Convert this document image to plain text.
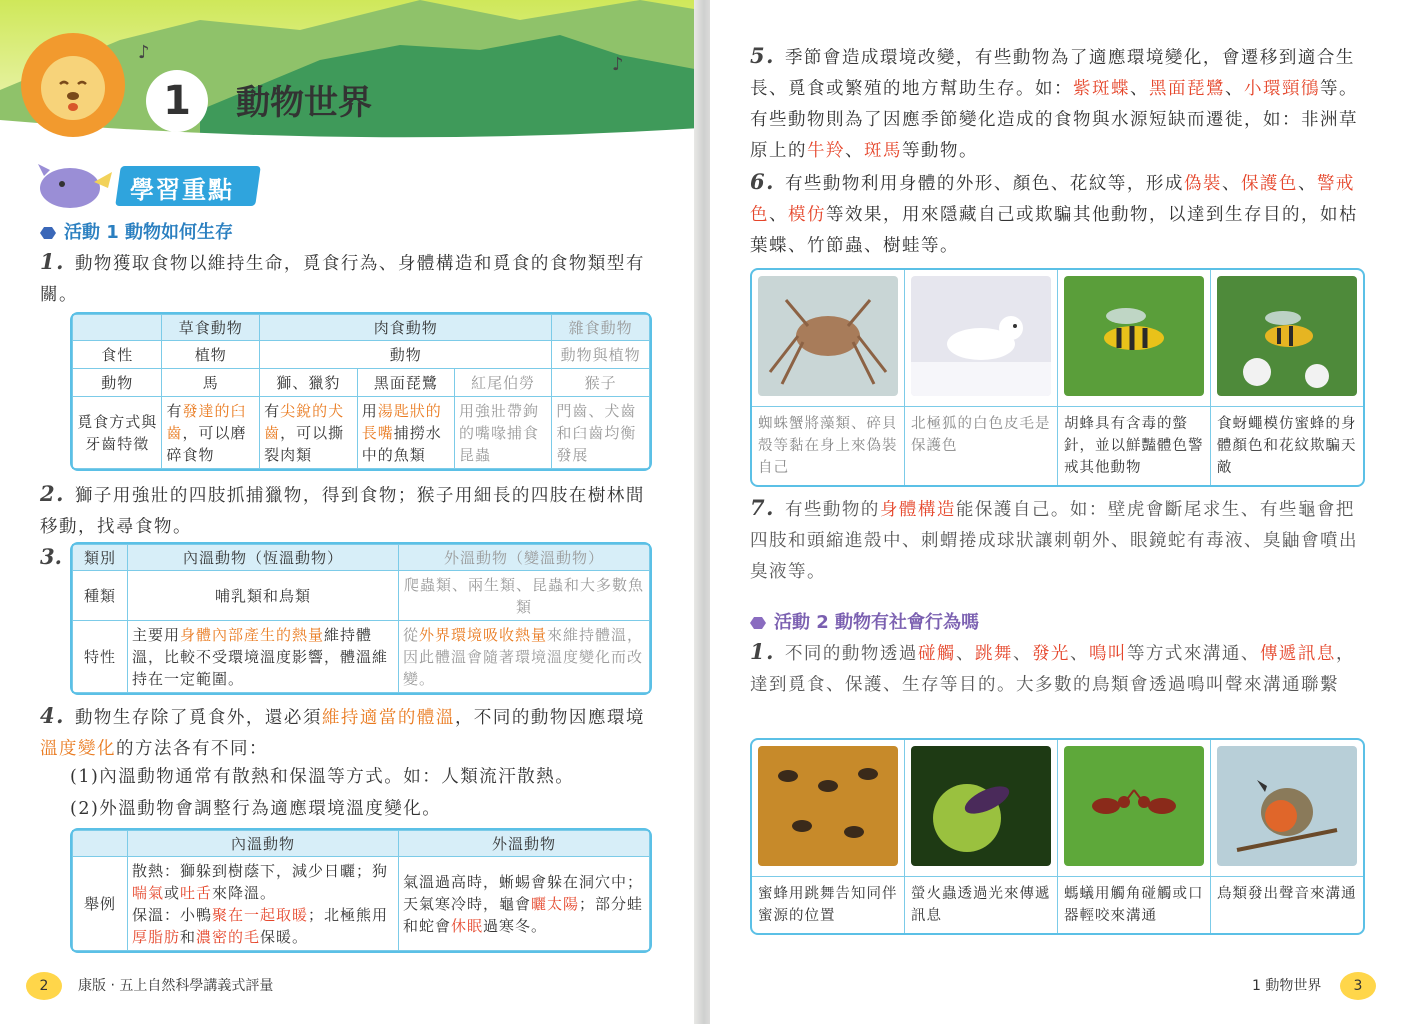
♪
♪
1	動物世界
學習重點
活動 1 動物如何生存
1. 動物獲取食物以維持生命，覓食行為、身體構造和覓食的食物類型有關。
	草食動物	肉食動物			雜食動物
食性	植物	動物			動物與植物
動物	馬	獅、獵豹	黑面琵鷺	紅尾伯勞	猴子
覓食方式與牙齒特徵	有發達的臼齒，可以磨碎食物	有尖銳的犬齒，可以撕裂肉類	用湯匙狀的長嘴捕撈水中的魚類	用強壯帶鉤的嘴喙捕食昆蟲	門齒、犬齒和臼齒均衡發展
2. 獅子用強壯的四肢抓捕獵物，得到食物；猴子用細長的四肢在樹林間移動，找尋食物。
3. 類別	內溫動物（恆溫動物）	外溫動物（變溫動物）
種類	哺乳類和鳥類	爬蟲類、兩生類、昆蟲和大多數魚類
特性	主要用身體內部產生的熱量維持體溫，比較不受環境溫度影響，體溫維持在一定範圍。	從外界環境吸收熱量來維持體溫，因此體溫會隨著環境溫度變化而改變。
4. 動物生存除了覓食外，還必須維持適當的體溫，不同的動物因應環境溫度變化的方法各有不同：
(1)內溫動物通常有散熱和保溫等方式。如：人類流汗散熱。
(2)外溫動物會調整行為適應環境溫度變化。
	內溫動物	外溫動物
舉例	散熱：獅躲到樹蔭下，減少日曬；狗喘氣或吐舌來降溫。
保溫：小鴨聚在一起取暖；北極熊用厚脂肪和濃密的毛保暖。	氣溫過高時，蜥蜴會躲在洞穴中；天氣寒冷時，龜會曬太陽；部分蛙和蛇會休眠過寒冬。
2	康版 ‧ 五上自然科學講義式評量
5. 季節會造成環境改變，有些動物為了適應環境變化，會遷移到適合生長、覓食或繁殖的地方幫助生存。如：紫斑蝶、黑面琵鷺、小環頸鴴等。有些動物則為了因應季節變化造成的食物與水源短缺而遷徙，如：非洲草原上的牛羚、斑馬等動物。
6. 有些動物利用身體的外形、顏色、花紋等，形成偽裝、保護色、警戒色、模仿等效果，用來隱藏自己或欺騙其他動物，以達到生存目的，如枯葉蝶、竹節蟲、樹蛙等。
蜘蛛蟹將藻類、碎貝殼等黏在身上來偽裝自己
北極狐的白色皮毛是保護色
胡蜂具有含毒的螫針，並以鮮豔體色警戒其他動物
食蚜蠅模仿蜜蜂的身體顏色和花紋欺騙天敵
7. 有些動物的身體構造能保護自己。如：壁虎會斷尾求生、有些龜會把四肢和頭縮進殼中、刺蝟捲成球狀讓刺朝外、眼鏡蛇有毒液、臭鼬會噴出臭液等。
活動 2 動物有社會行為嗎
1. 不同的動物透過碰觸、跳舞、發光、鳴叫等方式來溝通、傳遞訊息，達到覓食、保護、生存等目的。大多數的鳥類會透過鳴叫聲來溝通聯繫
蜜蜂用跳舞告知同伴蜜源的位置
螢火蟲透過光來傳遞訊息
螞蟻用觸角碰觸或口器輕咬來溝通
鳥類發出聲音來溝通
1 動物世界	3
